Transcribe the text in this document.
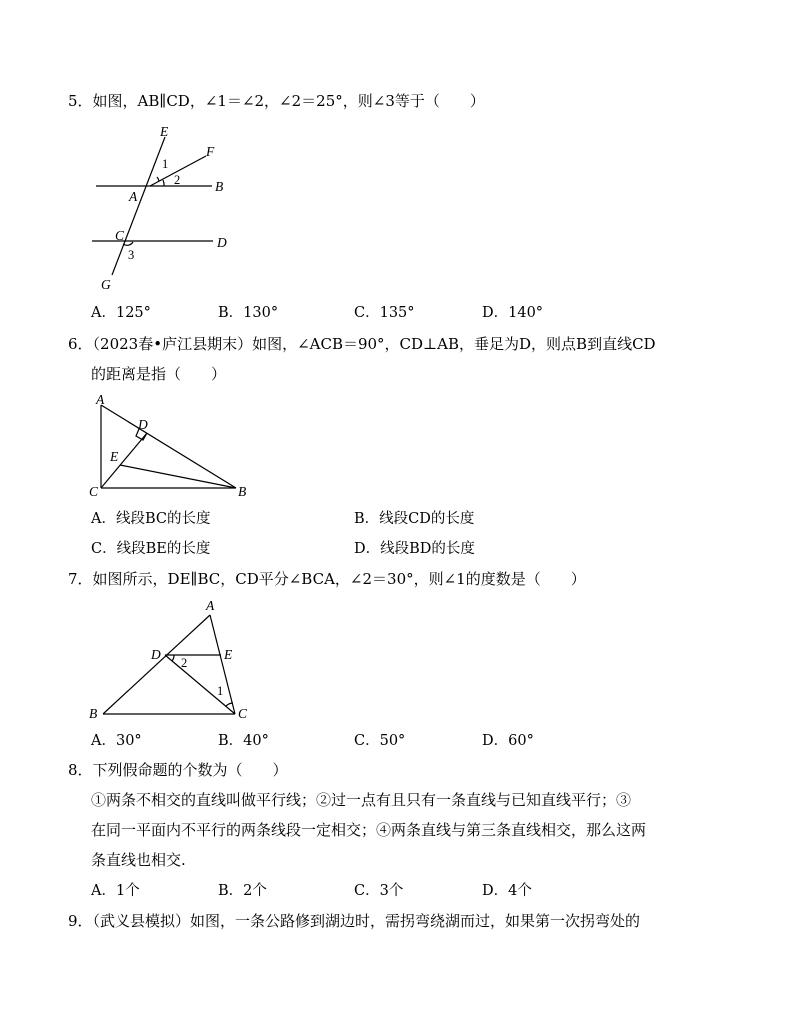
5．如图，AB∥CD，∠1＝∠2，∠2＝25°，则∠3等于（　　）
E
F
1
2	B
A
C	D
3
G
A
D
E
C	B
A
D	E
2
1
B	C
A．125°	B．130°	C．135°	D．140°
6．（2023春•庐江县期末）如图，∠ACB＝90°，CD⊥AB，垂足为D，则点B到直线CD
的距离是指（　　）
A．线段BC的长度	B．线段CD的长度
C．线段BE的长度	D．线段BD的长度
7．如图所示，DE∥BC，CD平分∠BCA，∠2＝30°，则∠1的度数是（　　）
A．30°	B．40°	C．50°	D．60°
8．下列假命题的个数为（　　）
①两条不相交的直线叫做平行线；②过一点有且只有一条直线与已知直线平行；③
在同一平面内不平行的两条线段一定相交；④两条直线与第三条直线相交，那么这两
条直线也相交.
A．1个	B．2个	C．3个	D．4个
9．（武义县模拟）如图，一条公路修到湖边时，需拐弯绕湖而过，如果第一次拐弯处的
